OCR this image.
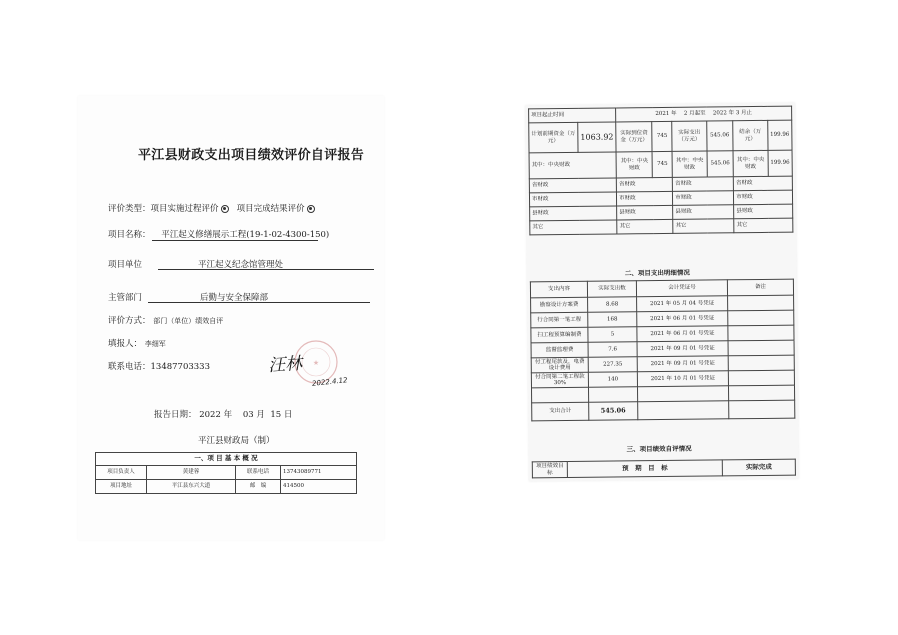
平江县财政支出项目绩效评价自评报告
评价类型：项目实施过程评价 项目完成结果评价
项目名称： 平江起义修缮展示工程(19-1-02-4300-150)
项目单位	平江起义纪念馆管理处
主管部门	后勤与安全保障部
评价方式： 部门（单位）绩效自评
填报人： 李细军
联系电话：13487703333	★
汪林
2022.4.12
报告日期： 2022 年 03 月 15 日
平江县财政局（制）
一、项 目 基 本 概 况			
项目负责人	黄建蓉	联系电话	13743089771
项目地址	平江县东兴大道	邮　编	414500
项目起止时间		2021 年　 2 月起至　 2022 年 3 月止					
计划前期资金（万元）	1063.92	实际到位资金（万元）	745	实际支出（万元）	545.06	结余（万元）	199.96
其中：中央财政		其中：中央财政	745	其中：中央财政	545.06	其中：中央财政	199.96
省财政		省财政		省财政		省财政	
市财政		市财政		市财政		市财政	
县财政		县财政		县财政		县财政	
其它		其它		其它		其它	
二、项目支出明细情况
支出内容	实际支出数	会计凭证号	备注
勘察设计方案费	8.68	2021 年 05 月 04 号凭证	
行合同第一笔工程	168	2021 年 06 月 01 号凭证	
扫工程预算编制费	5	2021 年 06 月 01 号凭证	
监督监理费	7.6	2021 年 09 月 01 号凭证	
付工程尾款及，电费设计费用	227.35	2021 年 09 月 01 号凭证	
付合同第二笔工程款 30%	140	2021 年 10 月 01 号凭证	

支出合计	545.06		
三、项目绩效自评情况
项目绩效目标	预　期　目　标	实际完成
